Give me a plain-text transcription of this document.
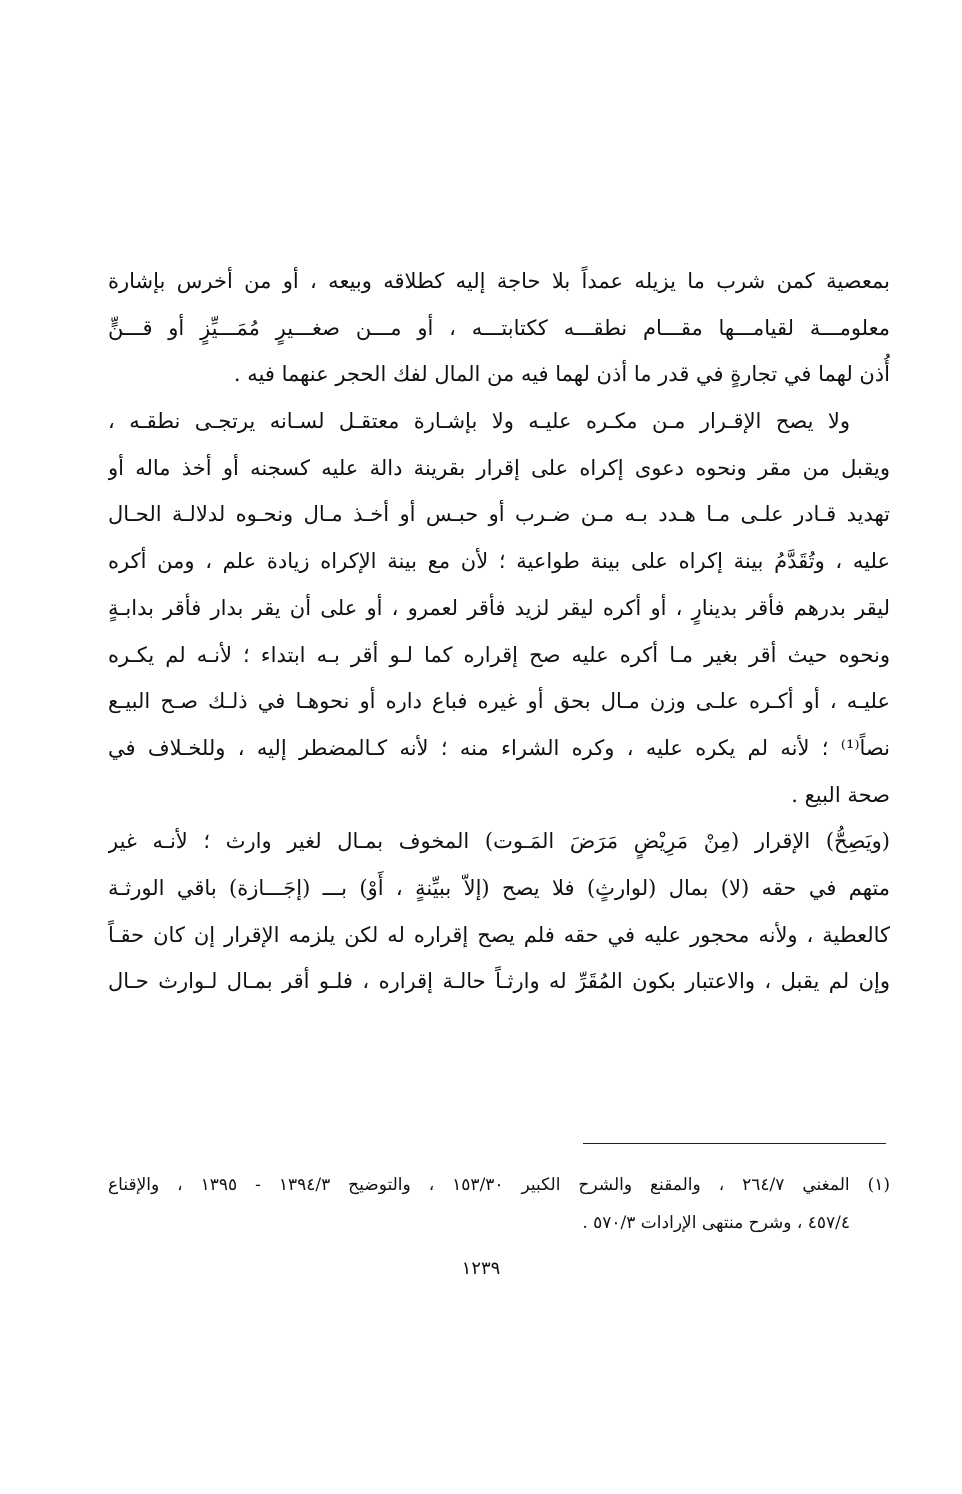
بمعصية كمن شرب ما يزيله عمداً بلا حاجة إليه كطلاقه وبيعه ، أو من أخرس بإشارة
معلومـــة لقيامـــها مقـــام نطقـــه ككتابتـــه ، أو مـــن صغـــيرٍ مُمَـــيِّزٍ أو قـــنٍّ
أُذن لهما في تجارةٍ في قدر ما أذن لهما فيه من المال لفك الحجر عنهما فيه .
ولا يصح الإقـرار مـن مكـره عليـه ولا بإشـارة معتقـل لسـانه يرتجـى نطقـه ،
ويقبل من مقر ونحوه دعوى إكراه على إقرار بقرينة دالة عليه كسجنه أو أخذ ماله أو
تهديد قـادر علـى مـا هـدد بـه مـن ضـرب أو حبـس أو أخـذ مـال ونحـوه لدلالـة الحـال
عليه ، وتُقَدَّمُ بينة إكراه على بينة طواعية ؛ لأن مع بينة الإكراه زيادة علم ، ومن أكره
ليقر بدرهم فأقر بدينارٍ ، أو أكره ليقر لزيد فأقر لعمرو ، أو على أن يقر بدار فأقر بدابـةٍ
ونحوه حيث أقر بغير مـا أكره عليه صح إقراره كما لـو أقر بـه ابتداء ؛ لأنـه لم يكـره
عليـه ، أو أكـره علـى وزن مـال بحق أو غيره فباع داره أو نحوهـا في ذلـك صـح البيـع
نصاً⁽¹⁾ ؛ لأنه لم يكره عليه ، وكره الشراء منه ؛ لأنه كـالمضطر إليه ، وللخـلاف في
صحة البيع .
(ويَصِحُّ) الإقرار (مِنْ مَرِيْضٍ مَرَضَ المَـوت) المخوف بمـال لغير وارث ؛ لأنـه غير
متهم في حقه (لا) بمال (لوارثٍ) فلا يصح (إلاّ ببيِّنةٍ ، أَوْ) بـــ (إجَـــازة) باقي الورثـة
كالعطية ، ولأنه محجور عليه في حقه فلم يصح إقراره له لكن يلزمه الإقرار إن كان حقـاً
وإن لم يقبل ، والاعتبار بكون المُقَرِّ له وارثـاً حالـة إقراره ، فلـو أقر بمـال لـوارث حـال
(١) المغني ٢٦٤/٧ ، والمقنع والشرح الكبير ١٥٣/٣٠ ، والتوضيح ١٣٩٤/٣ - ١٣٩٥ ، والإقناع
٤٥٧/٤ ، وشرح منتهى الإرادات ٥٧٠/٣ .
١٢٣٩
